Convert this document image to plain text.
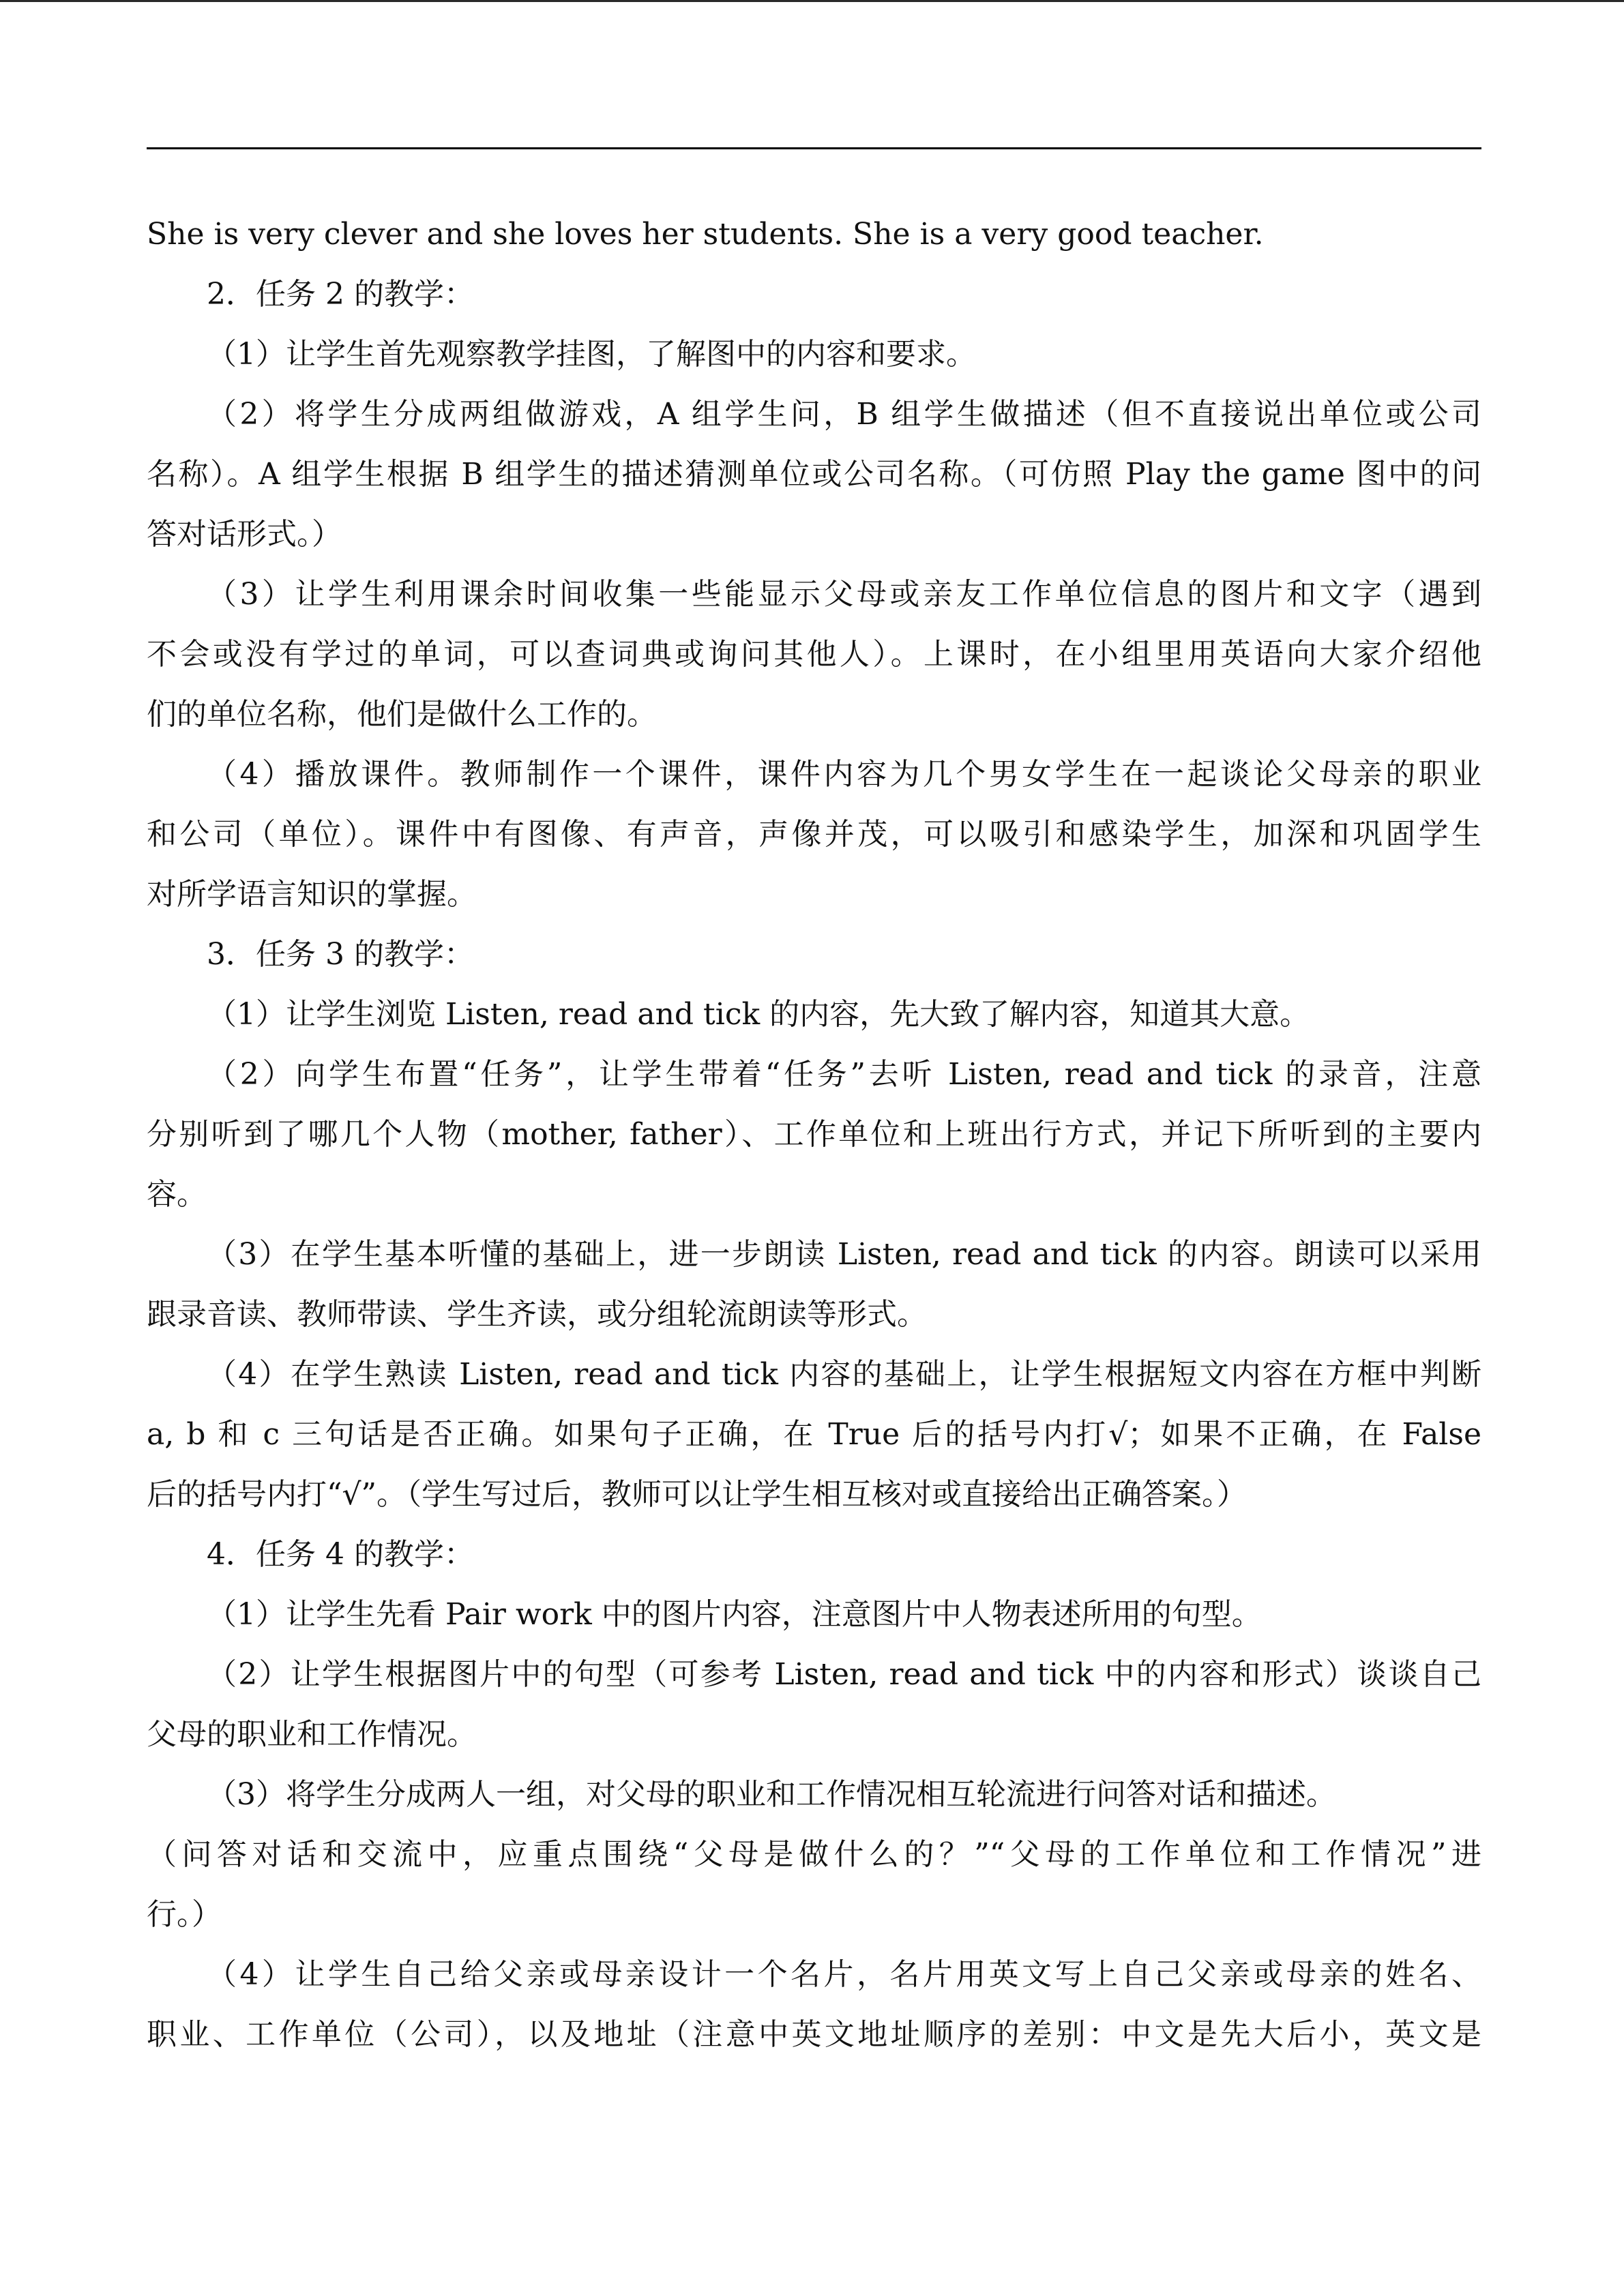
She is very clever and she loves her students. She is a very good teacher.
2．任务 2 的教学：
（1）让学生首先观察教学挂图，了解图中的内容和要求。
（2）将学生分成两组做游戏，A 组学生问，B 组学生做描述（但不直接说出单位或公司
名称）。A 组学生根据 B 组学生的描述猜测单位或公司名称。（可仿照 Play the game 图中的问
答对话形式。）
（3）让学生利用课余时间收集一些能显示父母或亲友工作单位信息的图片和文字（遇到
不会或没有学过的单词，可以查词典或询问其他人）。上课时，在小组里用英语向大家介绍他
们的单位名称，他们是做什么工作的。
（4）播放课件。教师制作一个课件，课件内容为几个男女学生在一起谈论父母亲的职业
和公司（单位）。课件中有图像、有声音，声像并茂，可以吸引和感染学生，加深和巩固学生
对所学语言知识的掌握。
3．任务 3 的教学：
（1）让学生浏览 Listen, read and tick 的内容，先大致了解内容，知道其大意。
（2）向学生布置“任务”，让学生带着“任务”去听 Listen, read and tick 的录音，注意
分别听到了哪几个人物（mother, father）、工作单位和上班出行方式，并记下所听到的主要内
容。
（3）在学生基本听懂的基础上，进一步朗读 Listen, read and tick 的内容。朗读可以采用
跟录音读、教师带读、学生齐读，或分组轮流朗读等形式。
（4）在学生熟读 Listen, read and tick 内容的基础上，让学生根据短文内容在方框中判断
a, b 和 c 三句话是否正确。如果句子正确，在 True 后的括号内打√；如果不正确，在 False
后的括号内打“√”。（学生写过后，教师可以让学生相互核对或直接给出正确答案。）
4．任务 4 的教学：
（1）让学生先看 Pair work 中的图片内容，注意图片中人物表述所用的句型。
（2）让学生根据图片中的句型（可参考 Listen, read and tick 中的内容和形式）谈谈自己
父母的职业和工作情况。
（3）将学生分成两人一组，对父母的职业和工作情况相互轮流进行问答对话和描述。
（问答对话和交流中，应重点围绕“父母是做什么的？”“父母的工作单位和工作情况”进
行。）
（4）让学生自己给父亲或母亲设计一个名片，名片用英文写上自己父亲或母亲的姓名、
职业、工作单位（公司），以及地址（注意中英文地址顺序的差别：中文是先大后小，英文是
